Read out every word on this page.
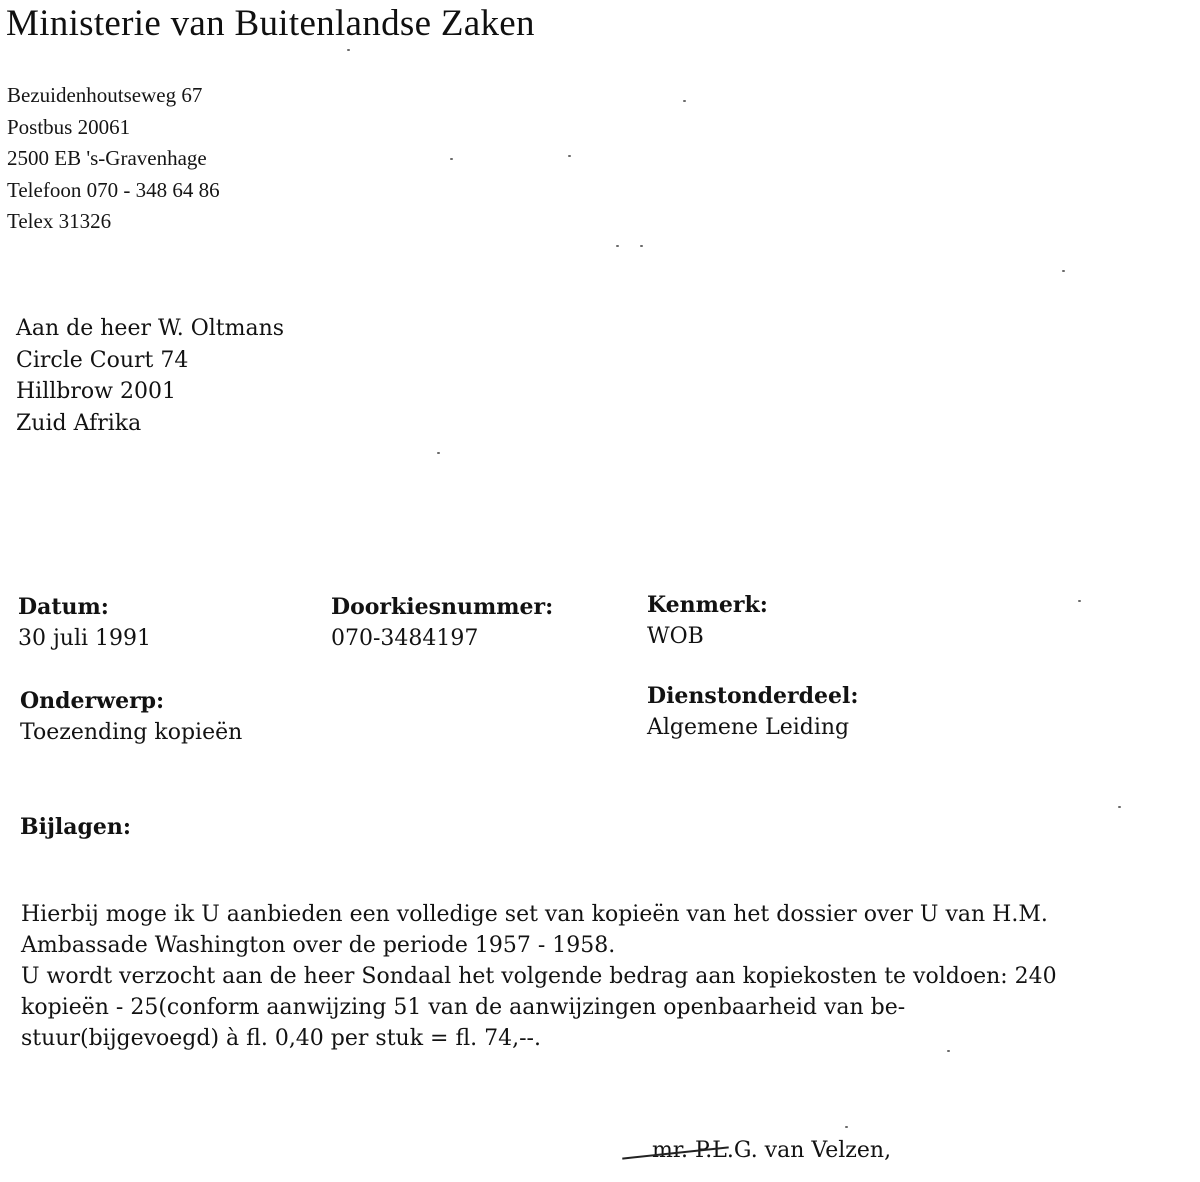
Ministerie van Buitenlandse Zaken
Bezuidenhoutseweg 67
Postbus 20061
2500 EB 's-Gravenhage
Telefoon 070 - 348 64 86
Telex 31326
Aan de heer W. Oltmans
Circle Court 74
Hillbrow 2001
Zuid Afrika
Datum:
30 juli 1991
Doorkiesnummer:
070-3484197
Kenmerk:
WOB
Onderwerp:
Toezending kopieën
Dienstonderdeel:
Algemene Leiding
Bijlagen:
Hierbij moge ik U aanbieden een volledige set van kopieën van het dossier over U van H.M.
Ambassade Washington over de periode 1957 - 1958.
U wordt verzocht aan de heer Sondaal het volgende bedrag aan kopiekosten te voldoen: 240
kopieën - 25(conform aanwijzing 51 van de aanwijzingen openbaarheid van be-
stuur(bijgevoegd) à fl. 0,40 per stuk = fl. 74,--.
mr. P.L.G. van Velzen,
